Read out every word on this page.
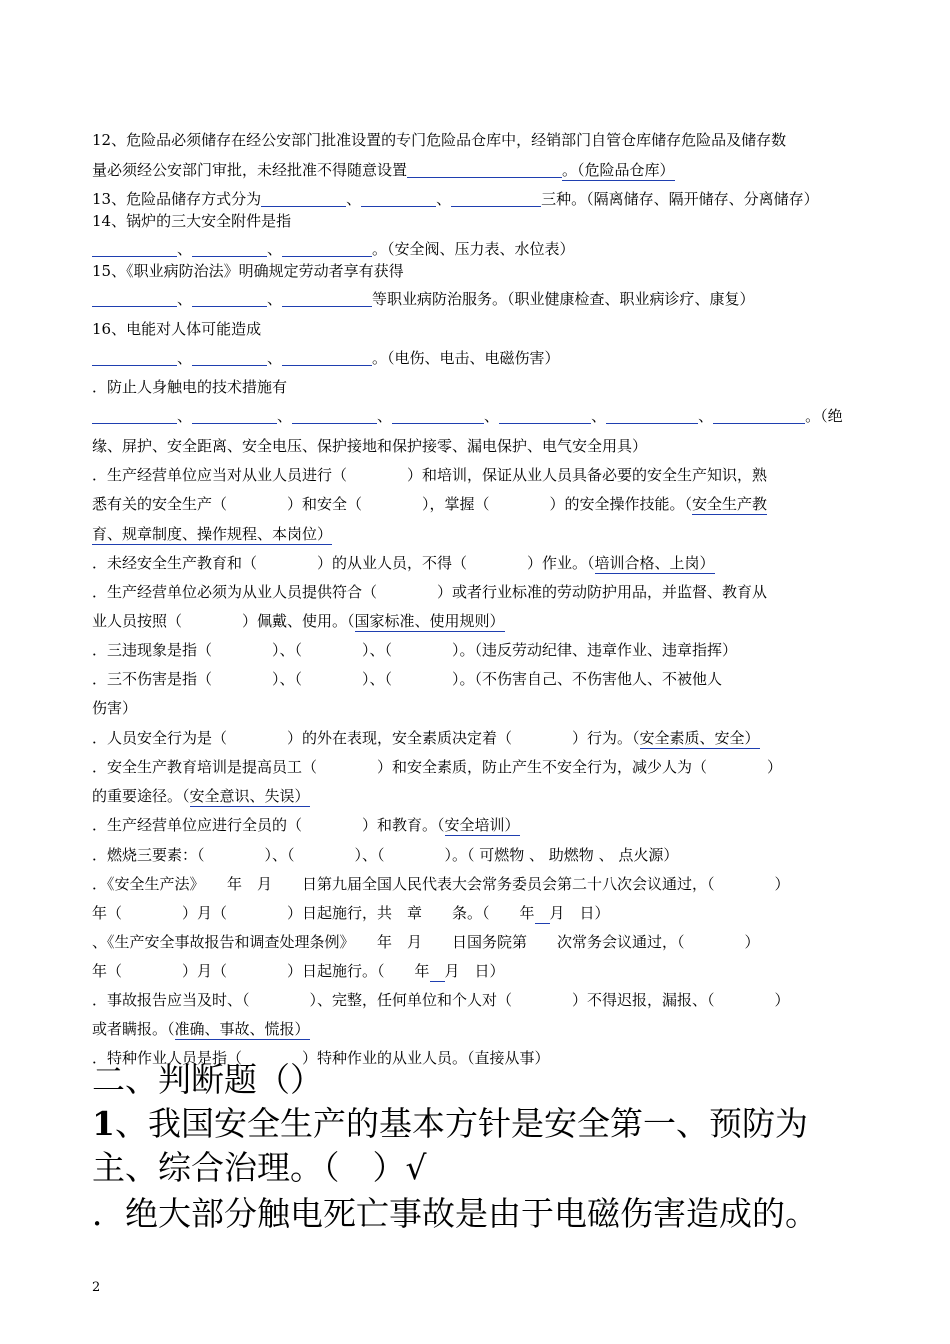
12、危险品必须储存在经公安部门批准设置的专门危险品仓库中，经销部门自管仓库储存危险品及储存数
量必须经公安部门审批，未经批准不得随意设置	。（危险品仓库）
13、危险品储存方式分为	、	、	三种。（隔离储存、隔开储存、分离储存）
14、锅炉的三大安全附件是指
、	、	。（安全阀、压力表、水位表）
15、《职业病防治法》明确规定劳动者享有获得
、	、	等职业病防治服务。（职业健康检查、职业病诊疗、康复）
16、电能对人体可能造成
、	、	。（电伤、电击、电磁伤害）
．防止人身触电的技术措施有
、	、	、	、	、	、	。（绝
缘、屏护、安全距离、安全电压、保护接地和保护接零、漏电保护、电气安全用具）
．生产经营单位应当对从业人员进行（　　　　）和培训，保证从业人员具备必要的安全生产知识，熟
悉有关的安全生产（　　　　）和安全（　　　　），掌握（　　　　）的安全操作技能。（安全生产教
育、规章制度、操作规程、本岗位）
．未经安全生产教育和（　　　　）的从业人员，不得（　　　　）作业。（培训合格、上岗）
．生产经营单位必须为从业人员提供符合（　　　　）或者行业标准的劳动防护用品，并监督、教育从
业人员按照（　　　　）佩戴、使用。（国家标准、使用规则）
．三违现象是指（　　　　）、（　　　　）、（　　　　）。（违反劳动纪律、违章作业、违章指挥）
．三不伤害是指（　　　　）、（　　　　）、（　　　　）。（不伤害自己、不伤害他人、不被他人
伤害）
．人员安全行为是（　　　　）的外在表现，安全素质决定着（　　　　）行为。（安全素质、安全）
．安全生产教育培训是提高员工（　　　　）和安全素质，防止产生不安全行为，减少人为（　　　　）
的重要途径。（安全意识、失误）
．生产经营单位应进行全员的（　　　　）和教育。（安全培训）
．燃烧三要素：（　　　　）、（　　　　）、（　　　　）。（ 可燃物 、 助燃物 、 点火源）
．《安全生产法》　　年　月　　日第九届全国人民代表大会常务委员会第二十八次会议通过，（　　　　）
年（　　　　）月（　　　　）日起施行，共　章　　条。（　　年　 月　日）
、《生产安全事故报告和调查处理条例》　　年　月　　日国务院第　　次常务会议通过，（　　　　）
年（　　　　）月（　　　　）日起施行。（　　年　 月　日）
．事故报告应当及时、（　　　　）、完整，任何单位和个人对（　　　　）不得迟报，漏报、（　　　　）
或者瞒报。（准确、事故、慌报）
．特种作业人员是指（　　　　）特种作业的从业人员。（直接从事）
二、判断题（）
1、我国安全生产的基本方针是安全第一、预防为
主、综合治理。（　）√
．绝大部分触电死亡事故是由于电磁伤害造成的。
2
